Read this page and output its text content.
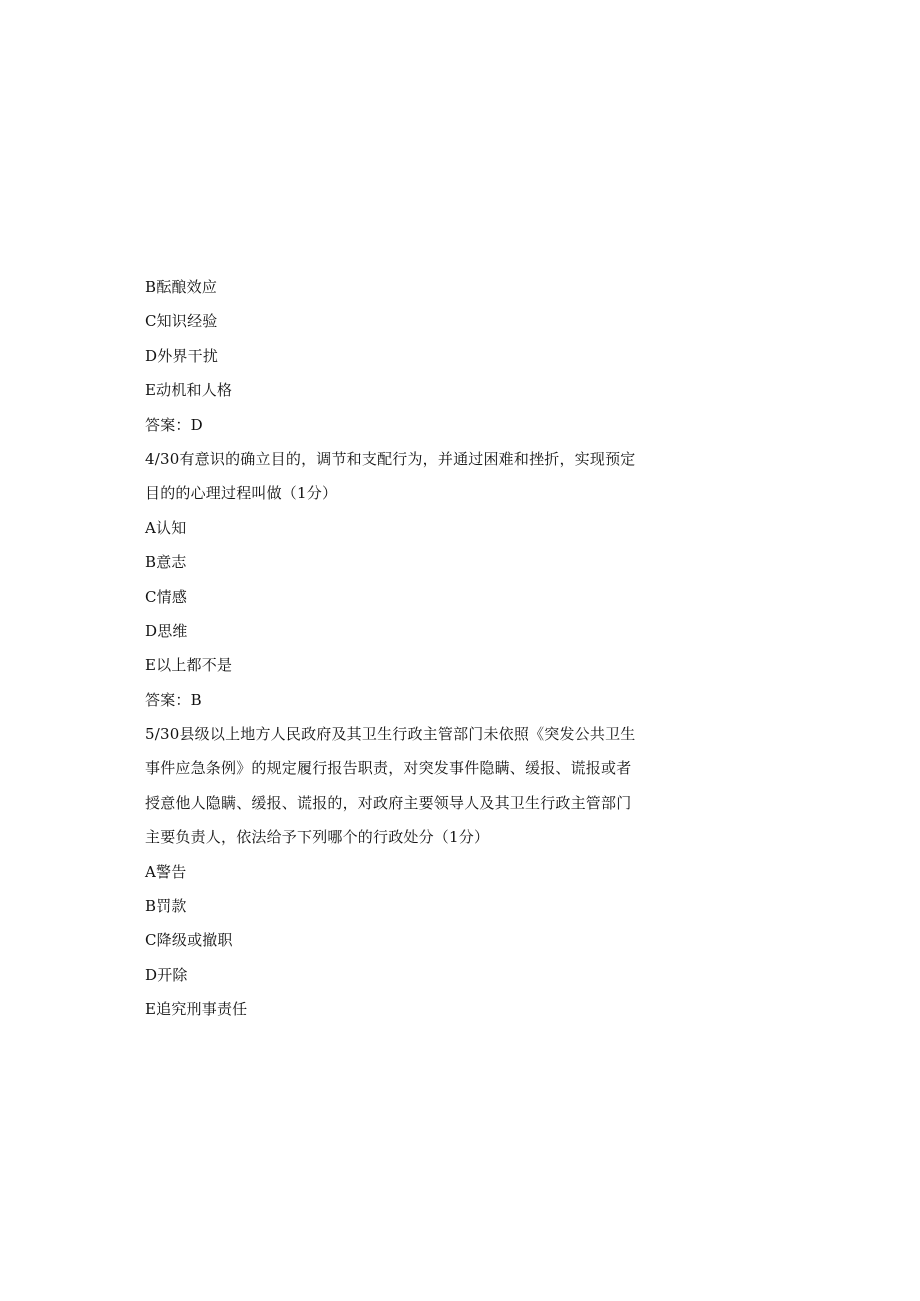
B酝酿效应
C知识经验
D外界干扰
E动机和人格
答案：D
4/30有意识的确立目的，调节和支配行为，并通过困难和挫折，实现预定
目的的心理过程叫做（1分）
A认知
B意志
C情感
D思维
E以上都不是
答案：B
5/30县级以上地方人民政府及其卫生行政主管部门未依照《突发公共卫生
事件应急条例》的规定履行报告职责，对突发事件隐瞒、缓报、谎报或者
授意他人隐瞒、缓报、谎报的，对政府主要领导人及其卫生行政主管部门
主要负责人，依法给予下列哪个的行政处分（1分）
A警告
B罚款
C降级或撤职
D开除
E追究刑事责任
